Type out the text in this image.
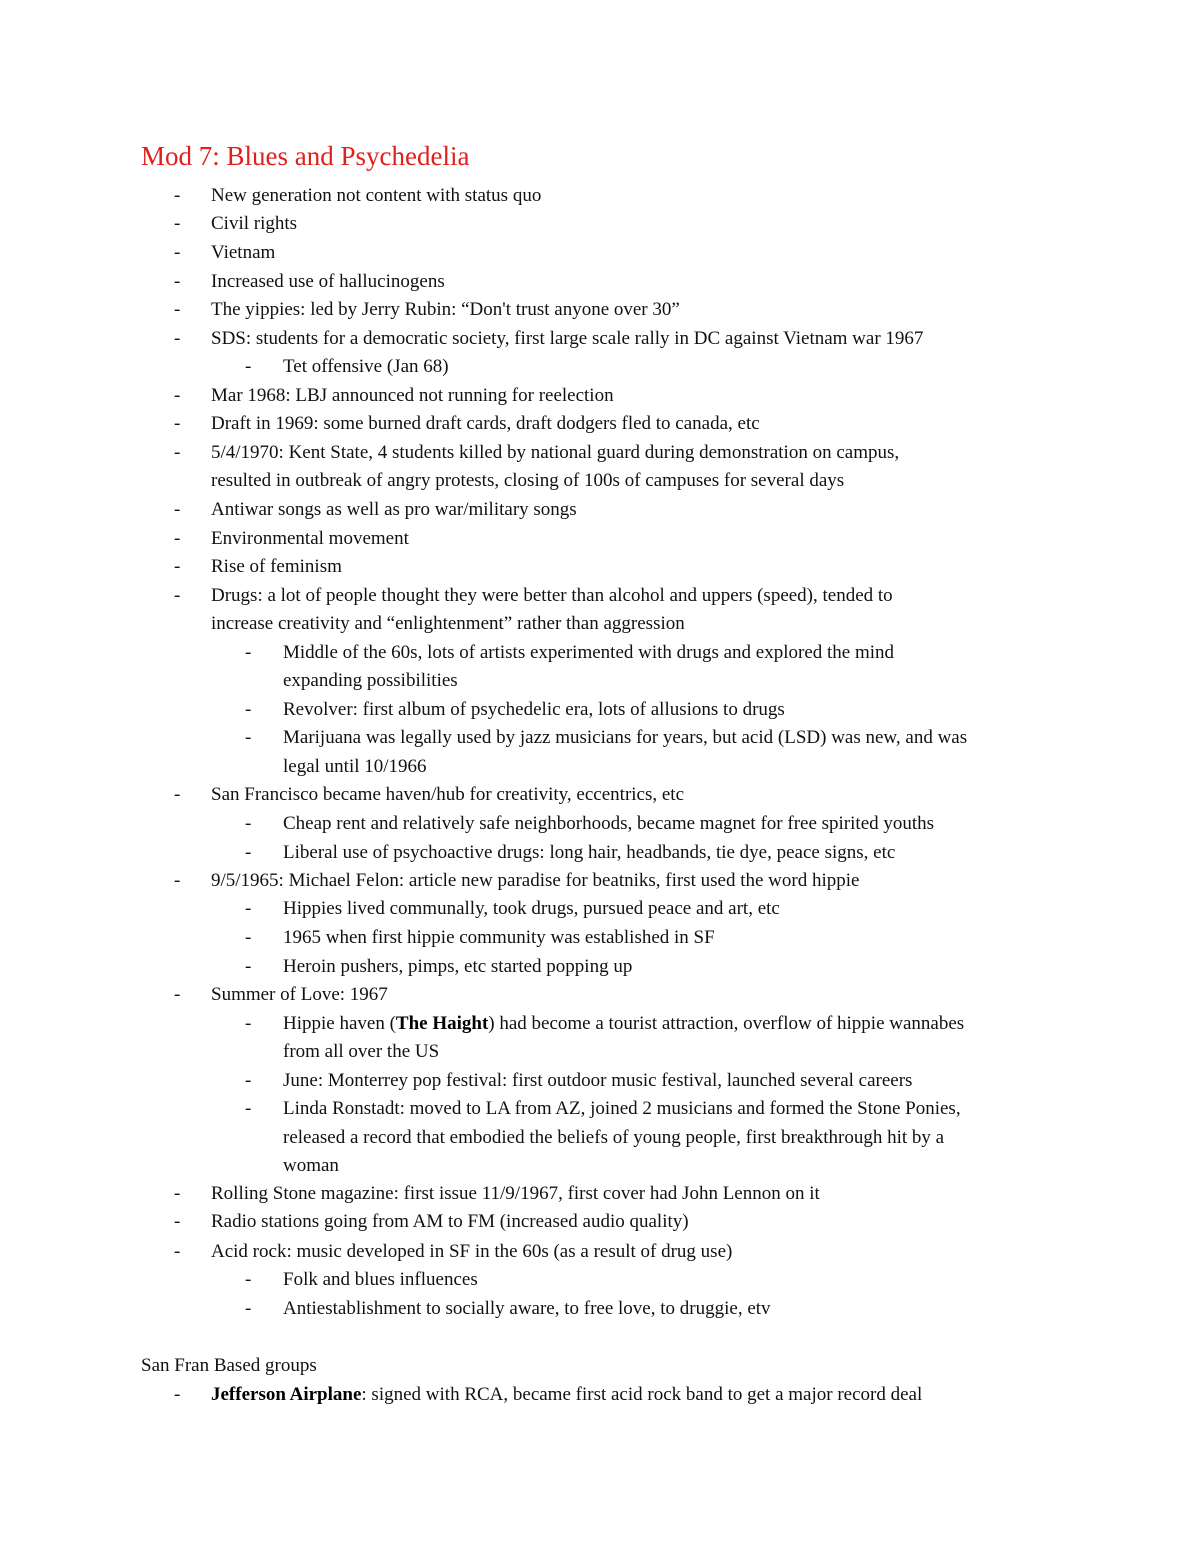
Mod 7: Blues and Psychedelia
- New generation not content with status quo
- Civil rights
- Vietnam
- Increased use of hallucinogens
- The yippies: led by Jerry Rubin: “Don't trust anyone over 30”
- SDS: students for a democratic society, first large scale rally in DC against Vietnam war 1967
- Tet offensive (Jan 68)
- Mar 1968: LBJ announced not running for reelection
- Draft in 1969: some burned draft cards, draft dodgers fled to canada, etc
- 5/4/1970: Kent State, 4 students killed by national guard during demonstration on campus,
resulted in outbreak of angry protests, closing of 100s of campuses for several days
- Antiwar songs as well as pro war/military songs
- Environmental movement
- Rise of feminism
- Drugs: a lot of people thought they were better than alcohol and uppers (speed), tended to
increase creativity and “enlightenment” rather than aggression
- Middle of the 60s, lots of artists experimented with drugs and explored the mind
expanding possibilities
- Revolver: first album of psychedelic era, lots of allusions to drugs
- Marijuana was legally used by jazz musicians for years, but acid (LSD) was new, and was
legal until 10/1966
- San Francisco became haven/hub for creativity, eccentrics, etc
- Cheap rent and relatively safe neighborhoods, became magnet for free spirited youths
- Liberal use of psychoactive drugs: long hair, headbands, tie dye, peace signs, etc
- 9/5/1965: Michael Felon: article new paradise for beatniks, first used the word hippie
- Hippies lived communally, took drugs, pursued peace and art, etc
- 1965 when first hippie community was established in SF
- Heroin pushers, pimps, etc started popping up
- Summer of Love: 1967
- Hippie haven (The Haight) had become a tourist attraction, overflow of hippie wannabes
from all over the US
- June: Monterrey pop festival: first outdoor music festival, launched several careers
- Linda Ronstadt: moved to LA from AZ, joined 2 musicians and formed the Stone Ponies,
released a record that embodied the beliefs of young people, first breakthrough hit by a
woman
- Rolling Stone magazine: first issue 11/9/1967, first cover had John Lennon on it
- Radio stations going from AM to FM (increased audio quality)
- Acid rock: music developed in SF in the 60s (as a result of drug use)
- Folk and blues influences
- Antiestablishment to socially aware, to free love, to druggie, etv
San Fran Based groups
- Jefferson Airplane: signed with RCA, became first acid rock band to get a major record deal
